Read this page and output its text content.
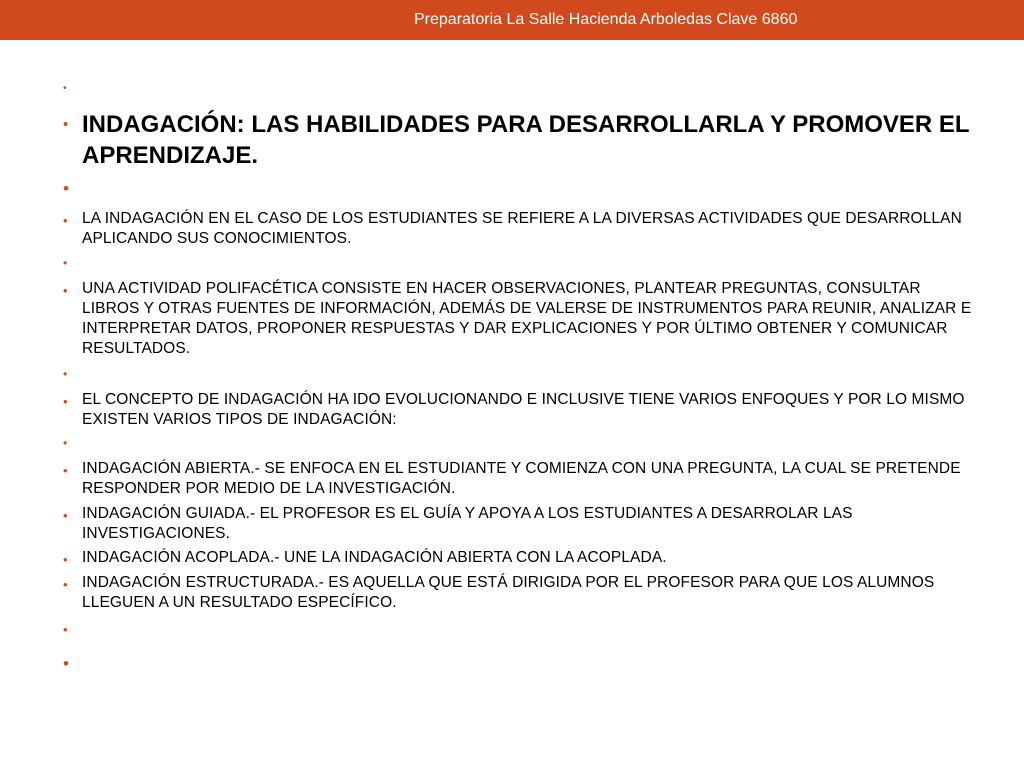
Preparatoria La Salle Hacienda Arboledas Clave 6860
•
• INDAGACIÓN: LAS HABILIDADES PARA DESARROLLARLA Y PROMOVER EL APRENDIZAJE.
•
• LA INDAGACIÓN EN EL CASO DE LOS ESTUDIANTES SE REFIERE A LA DIVERSAS ACTIVIDADES QUE DESARROLLAN APLICANDO SUS CONOCIMIENTOS.
•
• UNA ACTIVIDAD POLIFACÉTICA CONSISTE EN HACER OBSERVACIONES, PLANTEAR PREGUNTAS, CONSULTAR LIBROS Y OTRAS FUENTES DE INFORMACIÓN, ADEMÁS DE VALERSE DE INSTRUMENTOS PARA REUNIR, ANALIZAR E INTERPRETAR DATOS, PROPONER RESPUESTAS Y DAR EXPLICACIONES Y POR ÚLTIMO OBTENER Y COMUNICAR RESULTADOS.
•
• EL CONCEPTO DE INDAGACIÓN HA IDO EVOLUCIONANDO E INCLUSIVE TIENE VARIOS ENFOQUES Y POR LO MISMO EXISTEN VARIOS TIPOS DE INDAGACIÓN:
•
• INDAGACIÓN ABIERTA.- SE ENFOCA EN EL ESTUDIANTE Y COMIENZA CON UNA PREGUNTA, LA CUAL SE PRETENDE RESPONDER POR MEDIO DE LA INVESTIGACIÓN.
• INDAGACIÓN GUIADA.- EL PROFESOR ES EL GUÍA Y APOYA A LOS ESTUDIANTES A DESARROLAR LAS INVESTIGACIONES.
• INDAGACIÓN ACOPLADA.- UNE LA INDAGACIÓN ABIERTA CON LA ACOPLADA.
• INDAGACIÓN ESTRUCTURADA.- ES AQUELLA QUE ESTÁ DIRIGIDA POR EL PROFESOR PARA QUE LOS ALUMNOS LLEGUEN A UN RESULTADO ESPECÍFICO.
•
•
